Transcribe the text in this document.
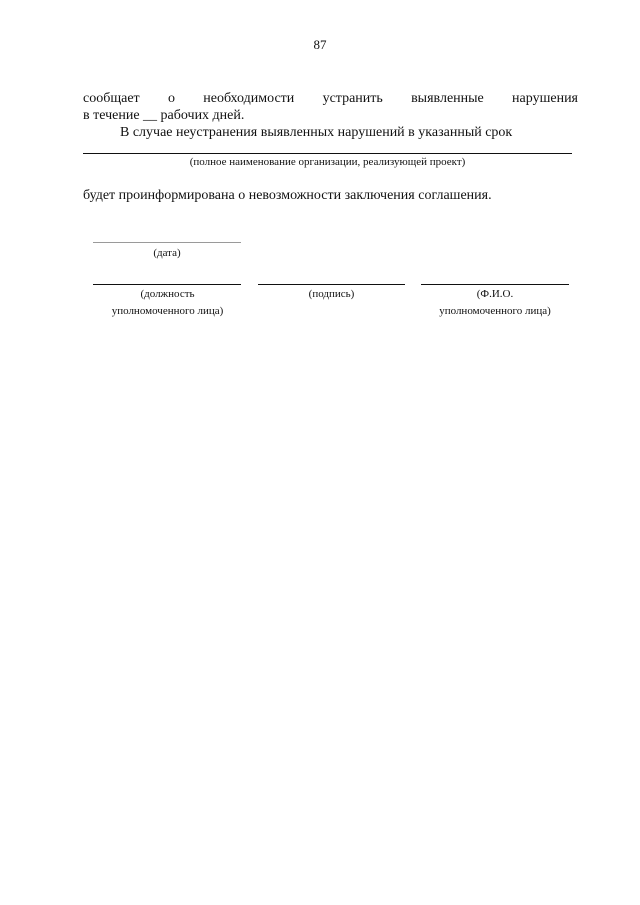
87
сообщает о необходимости устранить выявленные нарушения
в течение __ рабочих дней.
В случае неустранения выявленных нарушений в указанный срок
(полное наименование организации, реализующей проект)
будет проинформирована о невозможности заключения соглашения.
(дата)
(должность
уполномоченного лица)
(подпись)	(Ф.И.О.
уполномоченного лица)
